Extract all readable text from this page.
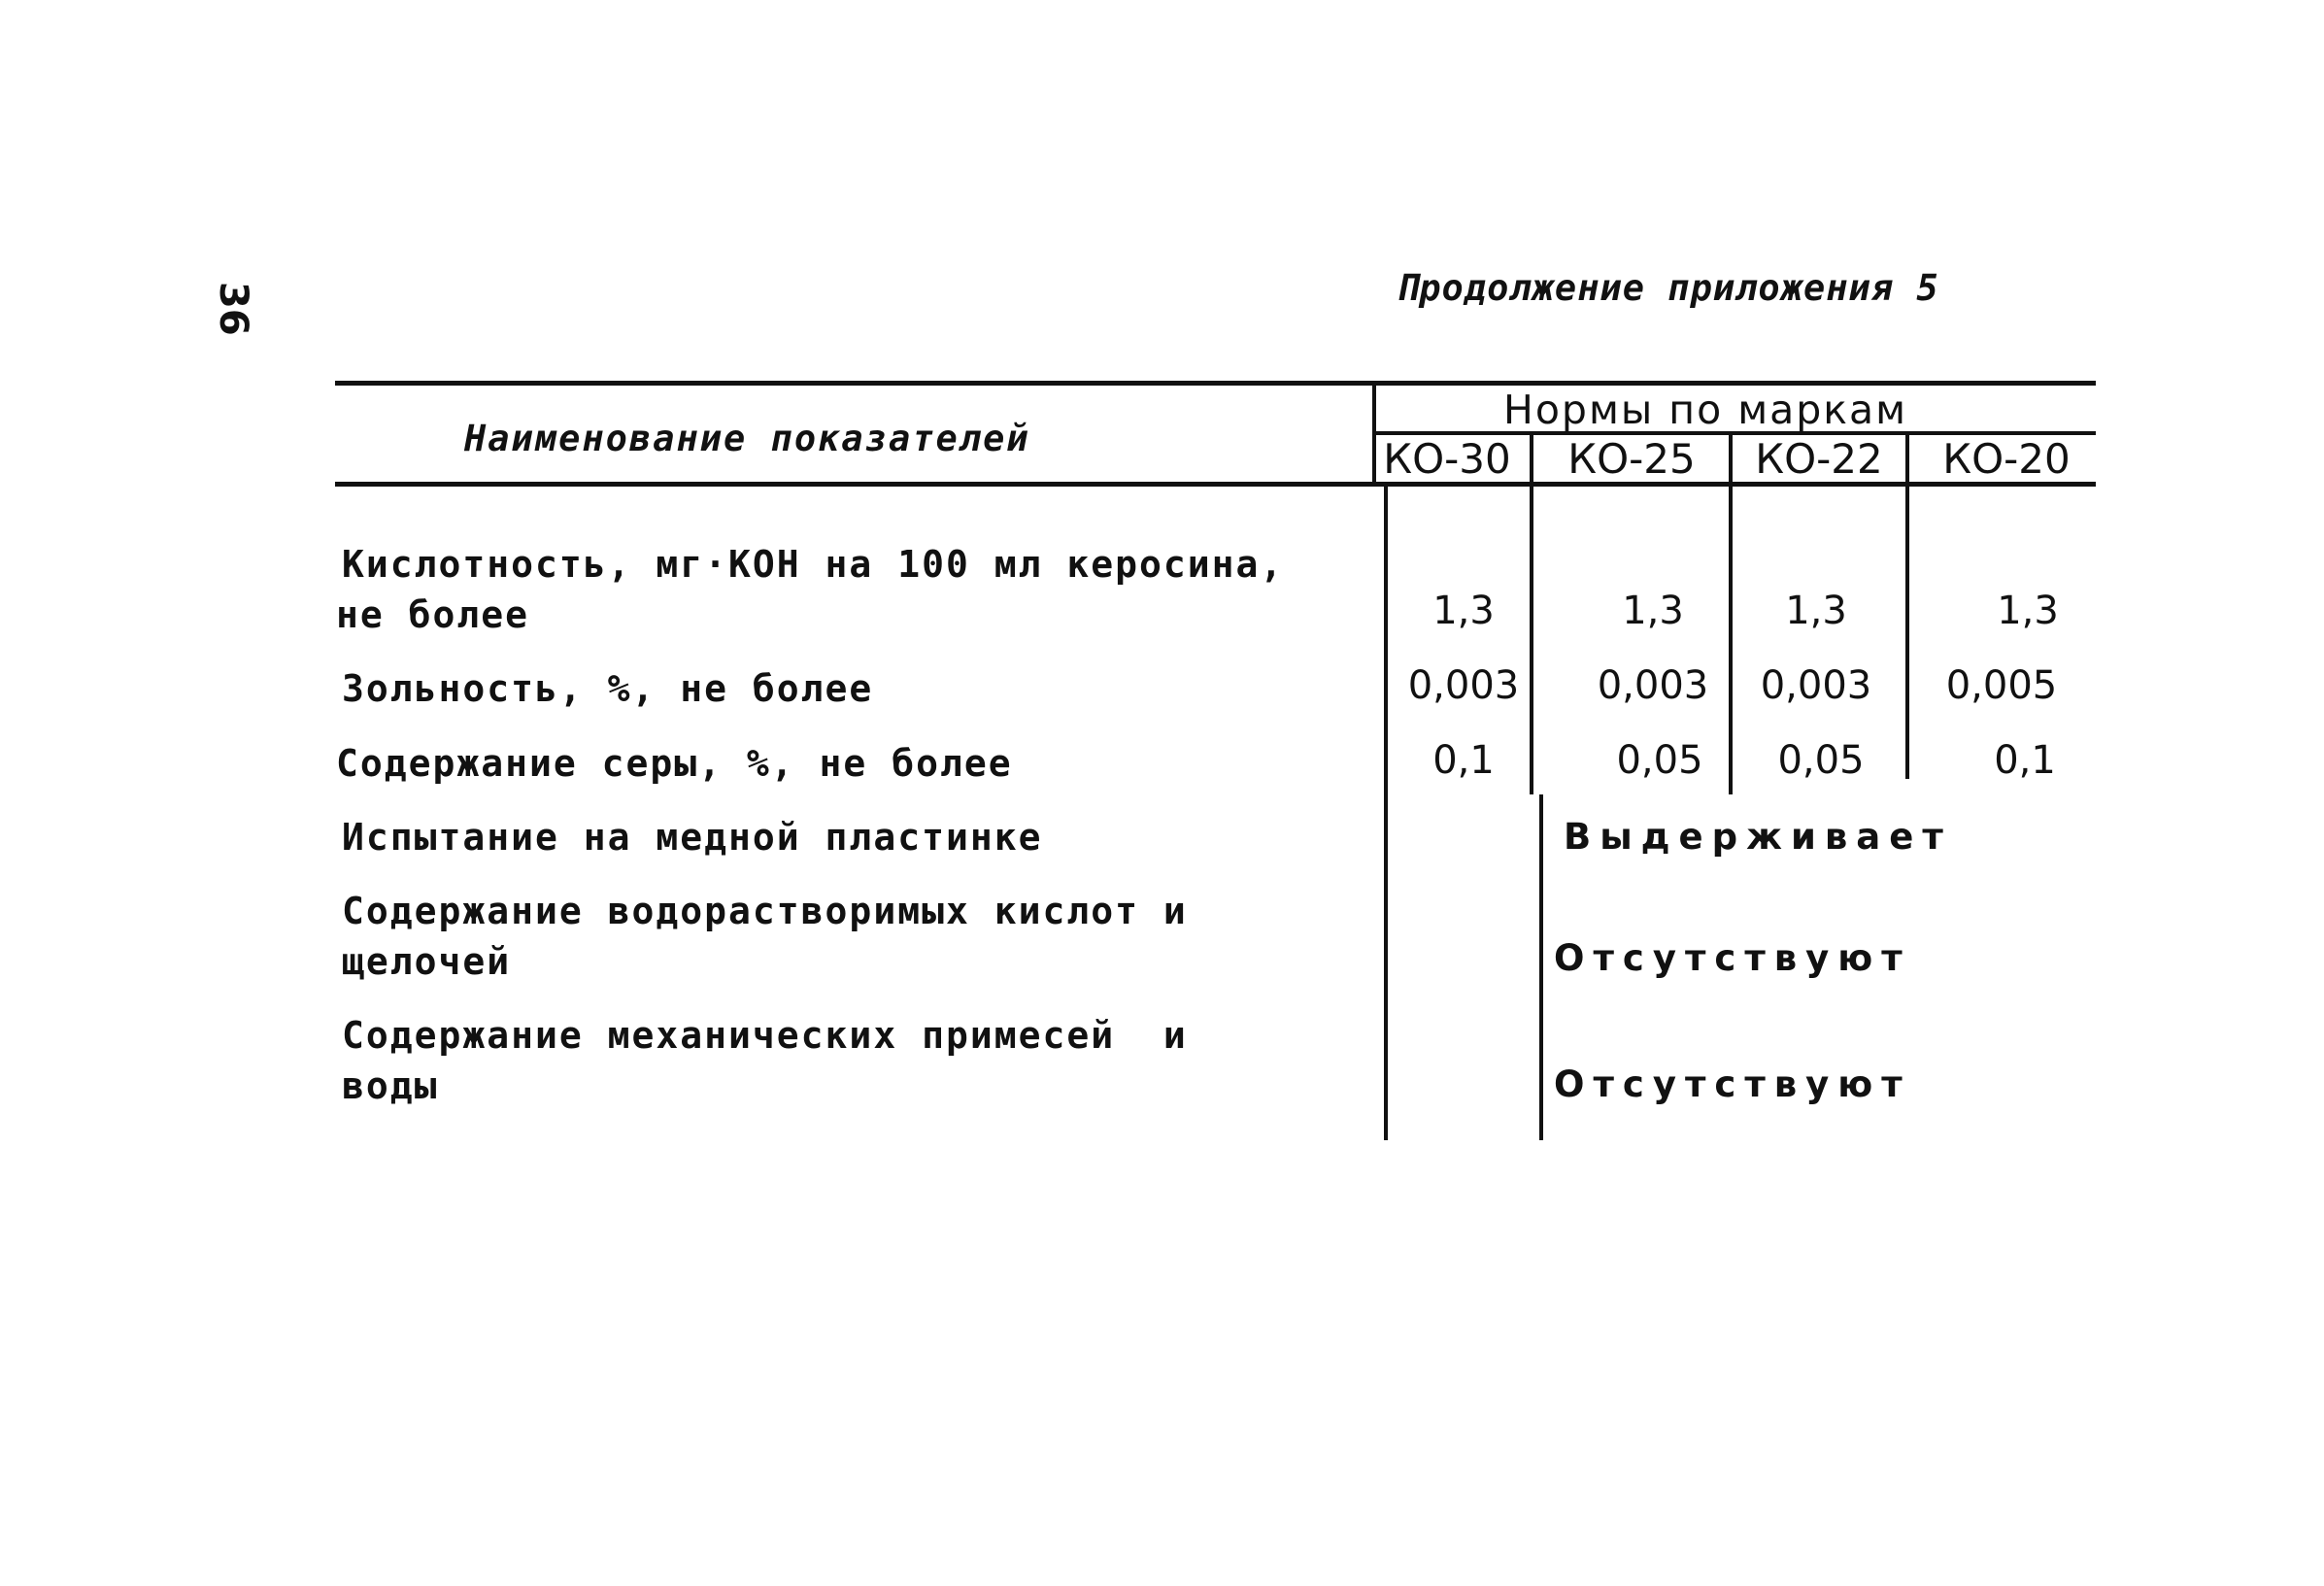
36	Продолжение приложения 5
Наименование показателей
Нормы по маркам
КО-30	КО-25	КО-22	КО-20
Кислотность, мг·КОН на 100 мл керосина,
не более	1,3	1,3	1,3	1,3
Зольность, %, не более	0,003	0,003	0,003	0,005
Содержание серы, %, не более	0,1	0,05	0,05	0,1
Испытание на медной пластинке	Выдерживает
Содержание водорастворимых кислот и
щелочей	Отсутствуют
Содержание механических примесей  и
воды	Отсутствуют
